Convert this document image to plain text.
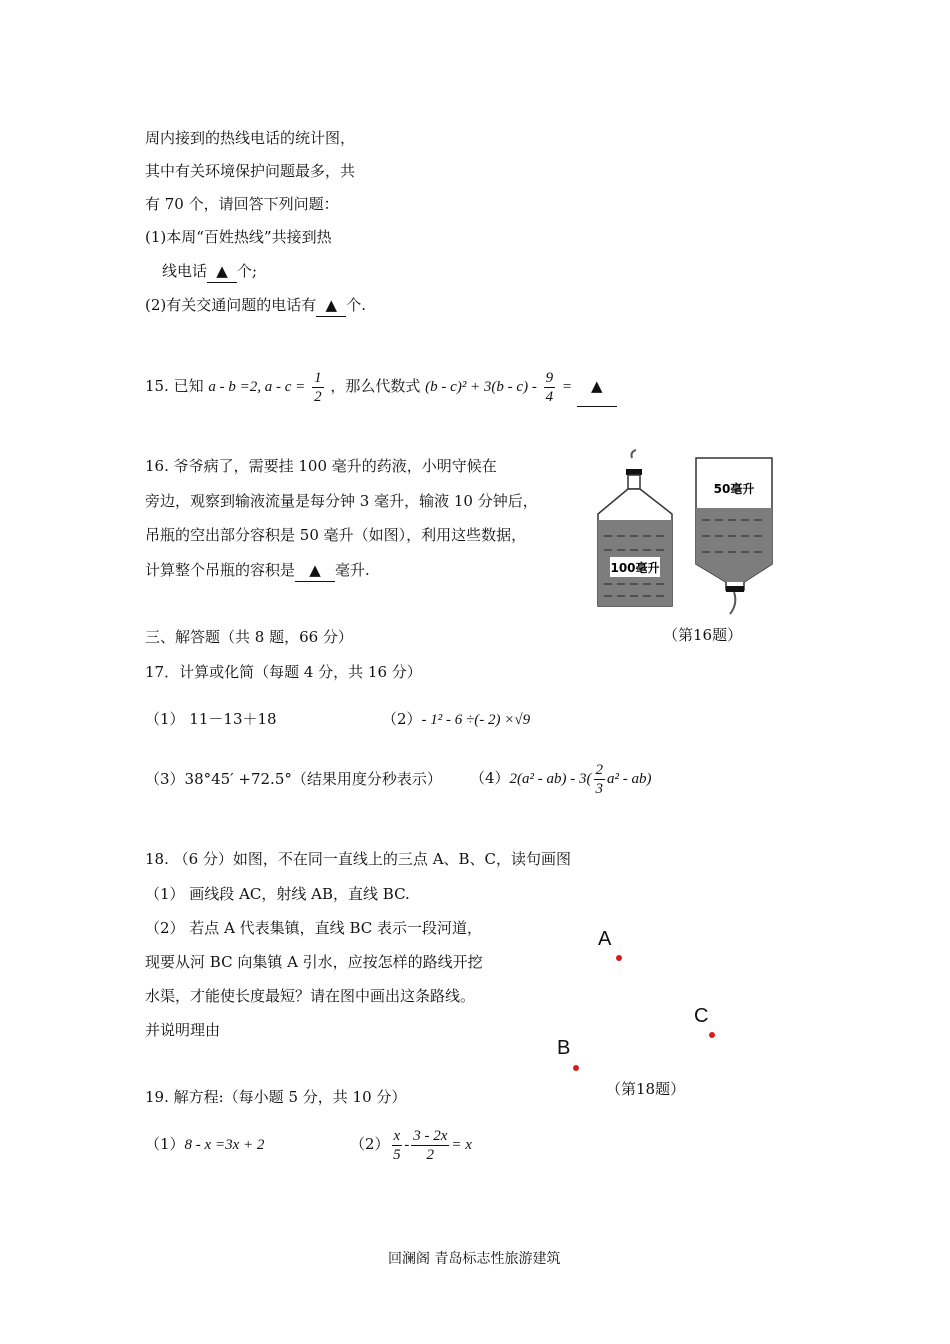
周内接到的热线电话的统计图，
其中有关环境保护问题最多，共
有 70 个，请回答下列问题：
(1)本周“百姓热线”共接到热
线电话 ▲ 个;
(2)有关交通问题的电话有 ▲ 个.
15. 已知 a - b =2, $a - c = \frac{1}{2}$ ，那么代数式 $(b - c)^2 + 3(b - c) - \frac{9}{4}$ = ▲
16. 爷爷病了，需要挂 100 毫升的药液，小明守候在
旁边，观察到输液流量是每分钟 3 毫升，输液 10 分钟后，
吊瓶的空出部分容积是 50 毫升（如图），利用这些数据，
计算整个吊瓶的容积是 ▲ 毫升.	100毫升
50毫升
（第16题）
三、解答题（共 8 题，66 分）
17．计算或化简（每题 4 分，共 16 分）
（1） 11－13＋18	（2）- 1² - 6 ÷(- 2) ×√9
（3）38°45′ +72.5°（结果用度分秒表示） $(4)2(a^2 - ab) - 3( \frac{2}{3} a^2 - ab)$
18. （6 分）如图，不在同一直线上的三点 A、B、C，读句画图
（1） 画线段 AC，射线 AB，直线 BC.
（2） 若点 A 代表集镇，直线 BC 表示一段河道，
现要从河 BC 向集镇 A 引水，应按怎样的路线开挖
水渠，才能使长度最短？请在图中画出这条路线。
并说明理由
A
C
B
（第18题）
19. 解方程:（每小题 5 分，共 10 分）
（1）8 - x =3x + 2	$(2) \frac{x}{5} - \frac{3 - 2x}{2} = x$
回澜阁 青岛标志性旅游建筑
